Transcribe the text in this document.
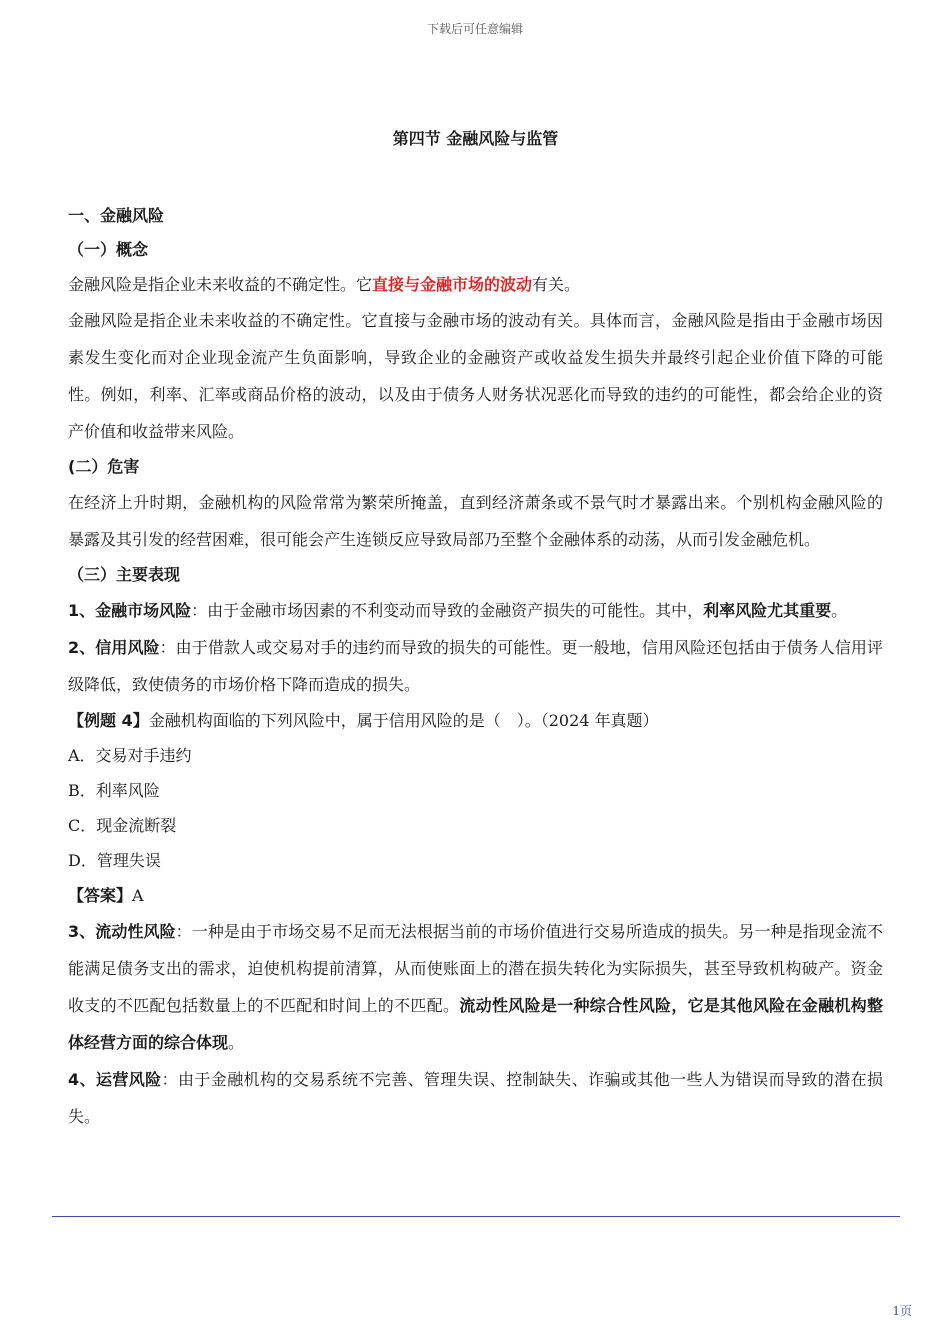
下载后可任意编辑
第四节 金融风险与监管
一、金融风险
（一）概念

金融风险是指企业未来收益的不确定性。它直接与金融市场的波动有关。

金融风险是指企业未来收益的不确定性。它直接与金融市场的波动有关。具体而言，金融风险是指由于金融市场因素发生变化而对企业现金流产生负面影响，导致企业的金融资产或收益发生损失并最终引起企业价值下降的可能性。例如，利率、汇率或商品价格的波动，以及由于债务人财务状况恶化而导致的违约的可能性，都会给企业的资产价值和收益带来风险。

(二）危害

在经济上升时期，金融机构的风险常常为繁荣所掩盖，直到经济萧条或不景气时才暴露出来。个别机构金融风险的暴露及其引发的经营困难，很可能会产生连锁反应导致局部乃至整个金融体系的动荡，从而引发金融危机。

（三）主要表现

1、金融市场风险：由于金融市场因素的不利变动而导致的金融资产损失的可能性。其中，利率风险尤其重要。

2、信用风险：由于借款人或交易对手的违约而导致的损失的可能性。更一般地，信用风险还包括由于债务人信用评级降低，致使债务的市场价格下降而造成的损失。

【例题 4】金融机构面临的下列风险中，属于信用风险的是（　）。（2024 年真题）

A．交易对手违约

B．利率风险

C．现金流断裂

D．管理失误

【答案】A

3、流动性风险：一种是由于市场交易不足而无法根据当前的市场价值进行交易所造成的损失。另一种是指现金流不能满足债务支出的需求，迫使机构提前清算，从而使账面上的潜在损失转化为实际损失，甚至导致机构破产。资金收支的不匹配包括数量上的不匹配和时间上的不匹配。流动性风险是一种综合性风险，它是其他风险在金融机构整体经营方面的综合体现。

4、运营风险：由于金融机构的交易系统不完善、管理失误、控制缺失、诈骗或其他一些人为错误而导致的潜在损失。

1页
